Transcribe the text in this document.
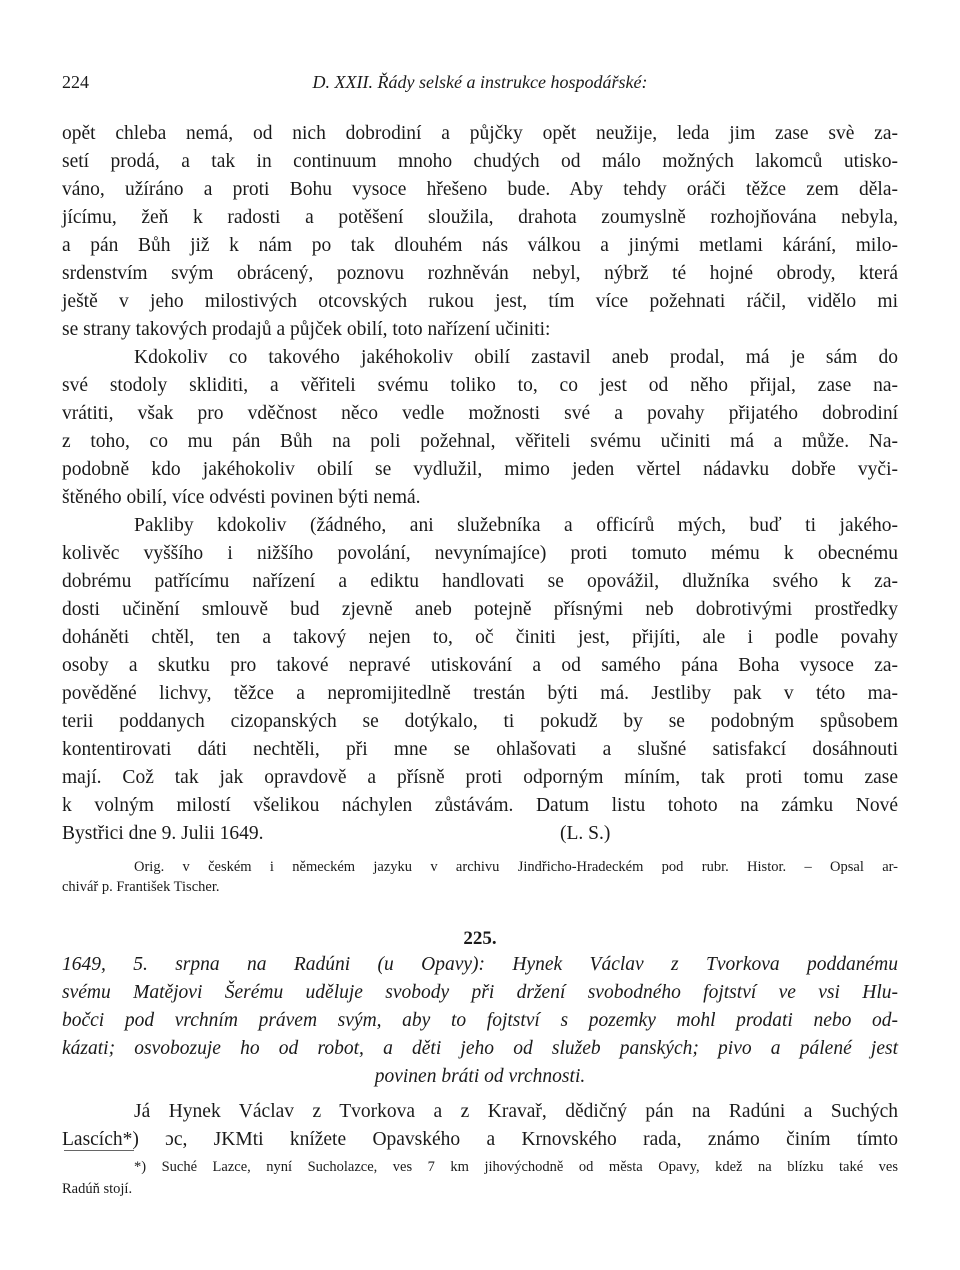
224	D. XXII. Řády selské a instrukce hospodářské:
opět chleba nemá, od nich dobrodiní a půjčky opět neužije, leda jim zase svè za-
setí prodá, a tak in continuum mnoho chudých od málo možných lakomců utisko-
váno, užíráno a proti Bohu vysoce hřešeno bude. Aby tehdy oráči těžce zem děla-
jícímu, žeň k radosti a potěšení sloužila, drahota zoumyslně rozhojňována nebyla,
a pán Bůh již k nám po tak dlouhém nás válkou a jinými metlami kárání, milo-
srdenstvím svým obrácený, poznovu rozhněván nebyl, nýbrž té hojné obrody, která
ještě v jeho milostivých otcovských rukou jest, tím více požehnati ráčil, vidělo mi
se strany takových prodajů a půjček obilí, toto nařízení učiniti:
Kdokoliv co takového jakéhokoliv obilí zastavil aneb prodal, má je sám do
své stodoly skliditi, a věřiteli svému toliko to, co jest od něho přijal, zase na-
vrátiti, však pro vděčnost něco vedle možnosti své a povahy přijatého dobrodiní
z toho, co mu pán Bůh na poli požehnal, věřiteli svému učiniti má a může. Na-
podobně kdo jakéhokoliv obilí se vydlužil, mimo jeden věrtel nádavku dobře vyči-
štěného obilí, více odvésti povinen býti nemá.
Pakliby kdokoliv (žádného, ani služebníka a officírů mých, buď ti jakého-
kolivěc vyššího i nižšího povolání, nevynímajíce) proti tomuto mému k obecnému
dobrému patřícímu nařízení a ediktu handlovati se opovážil, dlužníka svého k za-
dosti učinění smlouvě bud zjevně aneb potejně přísnými neb dobrotivými prostředky
doháněti chtěl, ten a takový nejen to, oč činiti jest, přijíti, ale i podle povahy
osoby a skutku pro takové nepravé utiskování a od samého pána Boha vysoce za-
pověděné lichvy, těžce a nepromijitedlně trestán býti má. Jestliby pak v této ma-
terii poddanych cizopanských se dotýkalo, ti pokudž by se podobným spůsobem
kontentirovati dáti nechtěli, při mne se ohlašovati a slušné satisfakcí dosáhnouti
mají. Což tak jak opravdově a přísně proti odporným míním, tak proti tomu zase
k volným milostí všelikou náchylen zůstávám. Datum listu tohoto na zámku Nové
Bystřici dne 9. Julii 1649.	(L. S.)
Orig. v českém i německém jazyku v archivu Jindřicho-Hradeckém pod rubr. Histor. – Opsal ar-
chivář p. František Tischer.
225.
1649, 5. srpna na Radúni (u Opavy): Hynek Václav z Tvorkova poddanému
svému Matějovi Šerému uděluje svobody při držení svobodného fojtství ve vsi Hlu-
bočci pod vrchním právem svým, aby to fojtství s pozemky mohl prodati nebo od-
kázati; osvobozuje ho od robot, a děti jeho od služeb panských; pivo a pálené jest
povinen bráti od vrchnosti.
Já Hynek Václav z Tvorkova a z Kravař, dědičný pán na Radúni a Suchých
Lascích*) ɔc, JKMti knížete Opavského a Krnovského rada, známo činím tímto
*) Suché Lazce, nyní Sucholazce, ves 7 km jihovýchodně od města Opavy, kdež na blízku také ves
Radúň stojí.
